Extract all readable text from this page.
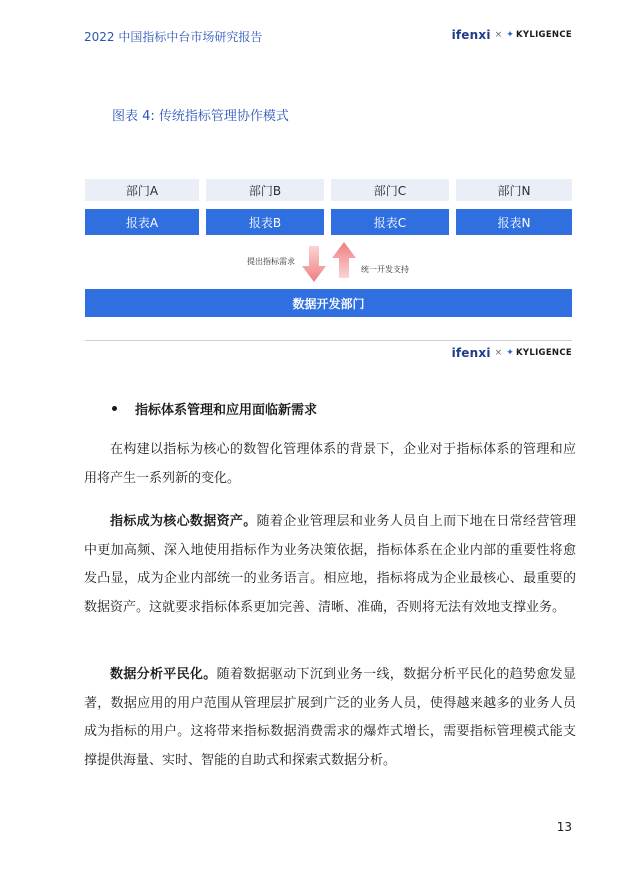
2022 中国指标中台市场研究报告	ifenxi × ✦ KYLIGENCE
图表 4: 传统指标管理协作模式
部门A	部门B	部门C	部门N
报表A	报表B	报表C	报表N
提出指标需求
统一开发支持
数据开发部门
ifenxi × ✦ KYLIGENCE
指标体系管理和应用面临新需求

在构建以指标为核心的数智化管理体系的背景下，企业对于指标体系的管理和应用将产生一系列新的变化。

指标成为核心数据资产。随着企业管理层和业务人员自上而下地在日常经营管理中更加高频、深入地使用指标作为业务决策依据，指标体系在企业内部的重要性将愈发凸显，成为企业内部统一的业务语言。相应地，指标将成为企业最核心、最重要的数据资产。这就要求指标体系更加完善、清晰、准确，否则将无法有效地支撑业务。

数据分析平民化。随着数据驱动下沉到业务一线，数据分析平民化的趋势愈发显著，数据应用的用户范围从管理层扩展到广泛的业务人员，使得越来越多的业务人员成为指标的用户。这将带来指标数据消费需求的爆炸式增长，需要指标管理模式能支撑提供海量、实时、智能的自助式和探索式数据分析。

13
